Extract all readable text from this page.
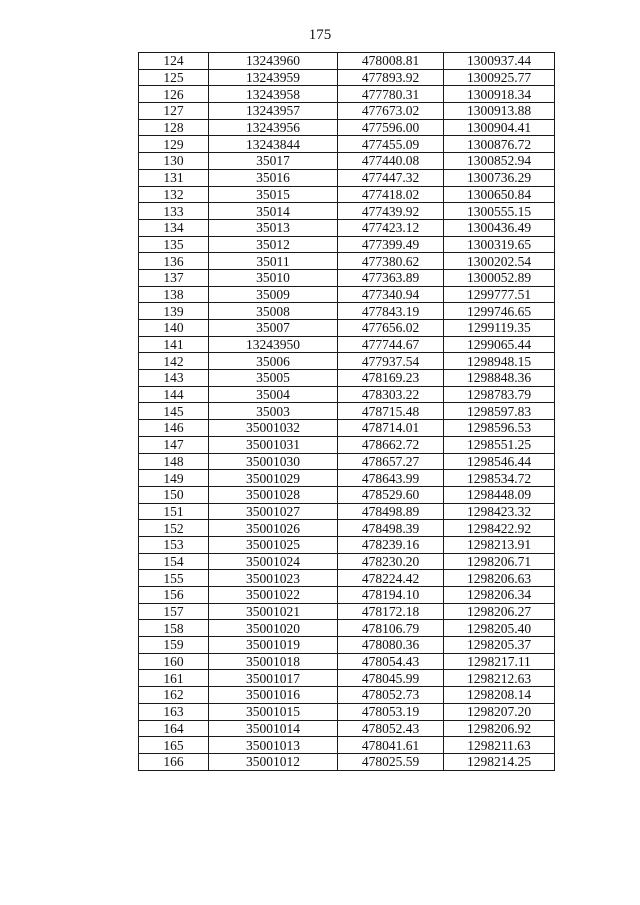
175
124	13243960	478008.81	1300937.44
125	13243959	477893.92	1300925.77
126	13243958	477780.31	1300918.34
127	13243957	477673.02	1300913.88
128	13243956	477596.00	1300904.41
129	13243844	477455.09	1300876.72
130	35017	477440.08	1300852.94
131	35016	477447.32	1300736.29
132	35015	477418.02	1300650.84
133	35014	477439.92	1300555.15
134	35013	477423.12	1300436.49
135	35012	477399.49	1300319.65
136	35011	477380.62	1300202.54
137	35010	477363.89	1300052.89
138	35009	477340.94	1299777.51
139	35008	477843.19	1299746.65
140	35007	477656.02	1299119.35
141	13243950	477744.67	1299065.44
142	35006	477937.54	1298948.15
143	35005	478169.23	1298848.36
144	35004	478303.22	1298783.79
145	35003	478715.48	1298597.83
146	35001032	478714.01	1298596.53
147	35001031	478662.72	1298551.25
148	35001030	478657.27	1298546.44
149	35001029	478643.99	1298534.72
150	35001028	478529.60	1298448.09
151	35001027	478498.89	1298423.32
152	35001026	478498.39	1298422.92
153	35001025	478239.16	1298213.91
154	35001024	478230.20	1298206.71
155	35001023	478224.42	1298206.63
156	35001022	478194.10	1298206.34
157	35001021	478172.18	1298206.27
158	35001020	478106.79	1298205.40
159	35001019	478080.36	1298205.37
160	35001018	478054.43	1298217.11
161	35001017	478045.99	1298212.63
162	35001016	478052.73	1298208.14
163	35001015	478053.19	1298207.20
164	35001014	478052.43	1298206.92
165	35001013	478041.61	1298211.63
166	35001012	478025.59	1298214.25
